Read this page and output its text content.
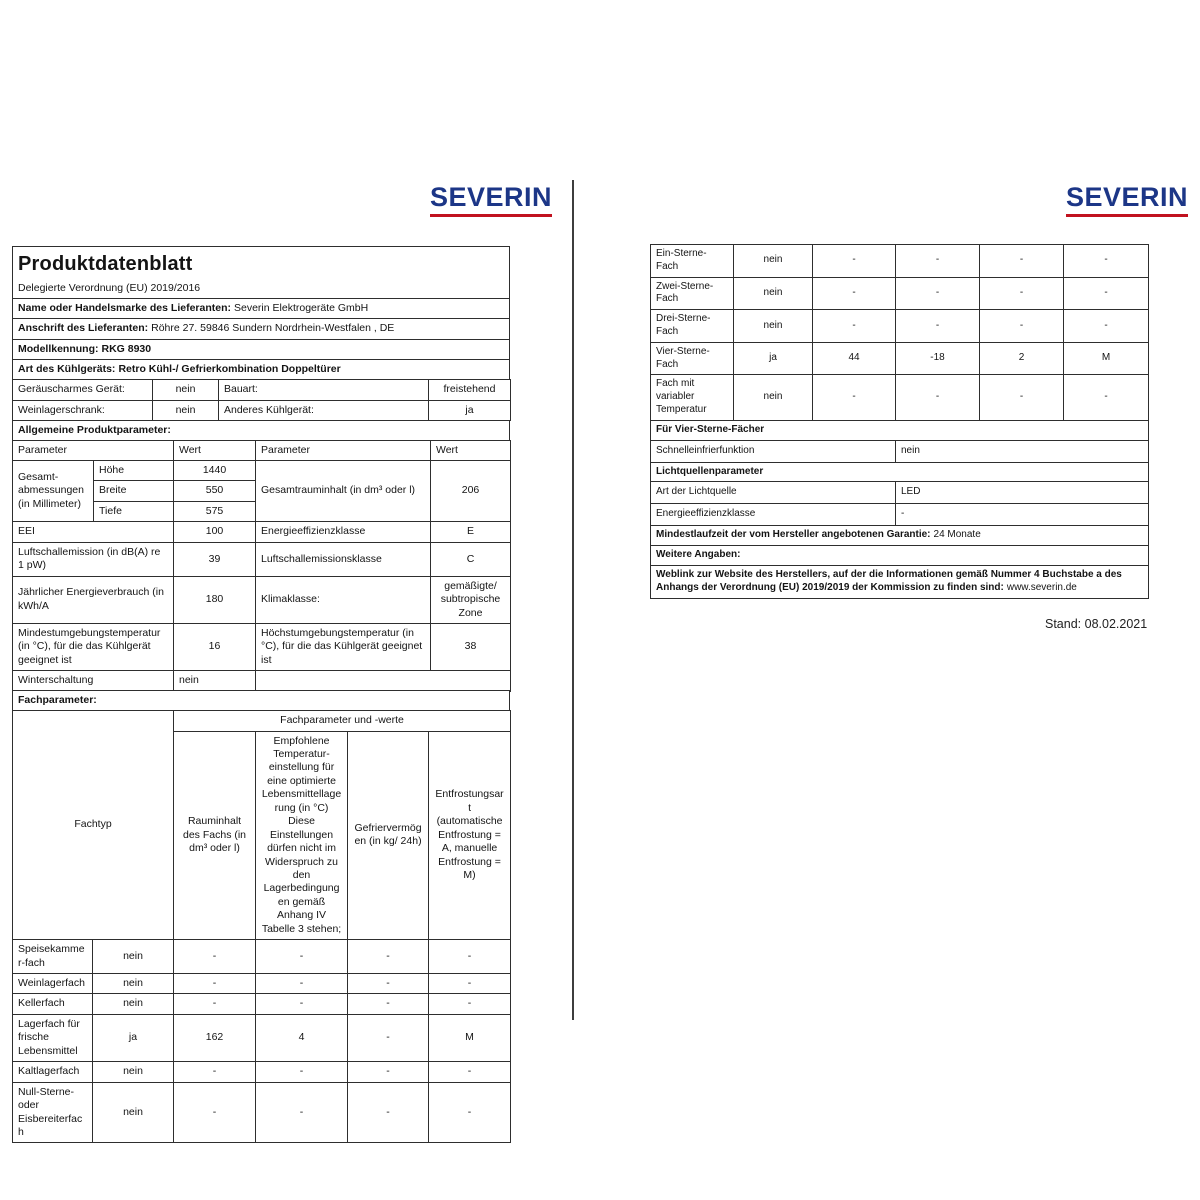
SEVERIN	SEVERIN
Produktdatenblatt
Delegierte Verordnung (EU) 2019/2016

Name oder Handelsmarke des Lieferanten: Severin Elektrogeräte GmbH
Anschrift des Lieferanten: Röhre 27. 59846 Sundern Nordrhein-Westfalen , DE
Modellkennung: RKG 8930
Art des Kühlgeräts: Retro Kühl-/ Gefrierkombination Doppeltürer
Geräuscharmes Gerät:	nein	Bauart:	freistehend
Weinlagerschrank:	nein	Anderes Kühlgerät:	ja
Allgemeine Produktparameter:
Parameter		Wert	Parameter	Wert
Gesamt-abmessungen (in Millimeter)	Höhe	1440	Gesamtrauminhalt (in dm³ oder l)	206
	Breite	550		
	Tiefe	575		
EEI		100	Energieeffizienzklasse	E
Luftschallemission (in dB(A) re 1 pW)		39	Luftschallemissionsklasse	C
Jährlicher Energieverbrauch (in kWh/A		180	Klimaklasse:	gemäßigte/ subtropische Zone
Mindestumgebungstemperatur (in °C), für die das Kühlgerät geeignet ist		16	Höchstumgebungstemperatur (in °C), für die das Kühlgerät geeignet ist	38
Winterschaltung		nein		
Fachparameter:
Fachtyp		Fachparameter und -werte			
		Rauminhalt des Fachs (in dm³ oder l)	Empfohlene Temperatur-einstellung für eine optimierte Lebensmittellagerung (in °C) Diese Einstellungen dürfen nicht im Widerspruch zu den Lagerbedingungen gemäß Anhang IV Tabelle 3 stehen;	Gefriervermögen (in kg/ 24h)	Entfrostungsart (automatische Entfrostung = A, manuelle Entfrostung = M)
Speisekammer-fach	nein	-	-	-	-
Weinlagerfach	nein	-	-	-	-
Kellerfach	nein	-	-	-	-
Lagerfach für frische Lebensmittel	ja	162	4	-	M
Kaltlagerfach	nein	-	-	-	-
Null-Sterne- oder Eisbereiterfach	nein	-	-	-	-
Ein-Sterne-Fach	nein	-	-	-	-
Zwei-Sterne-Fach	nein	-	-	-	-
Drei-Sterne-Fach	nein	-	-	-	-
Vier-Sterne-Fach	ja	44	-18	2	M
Fach mit variabler Temperatur	nein	-	-	-	-
Für Vier-Sterne-Fächer					
Schnelleinfrierfunktion			nein		
Lichtquellenparameter					
Art der Lichtquelle			LED		
Energieeffizienzklasse			-		
Mindestlaufzeit der vom Hersteller angebotenen Garantie: 24 Monate					
Weitere Angaben:					
Weblink zur Website des Herstellers, auf der die Informationen gemäß Nummer 4 Buchstabe a des Anhangs der Verordnung (EU) 2019/2019 der Kommission zu finden sind: www.severin.de					
Stand: 08.02.2021
